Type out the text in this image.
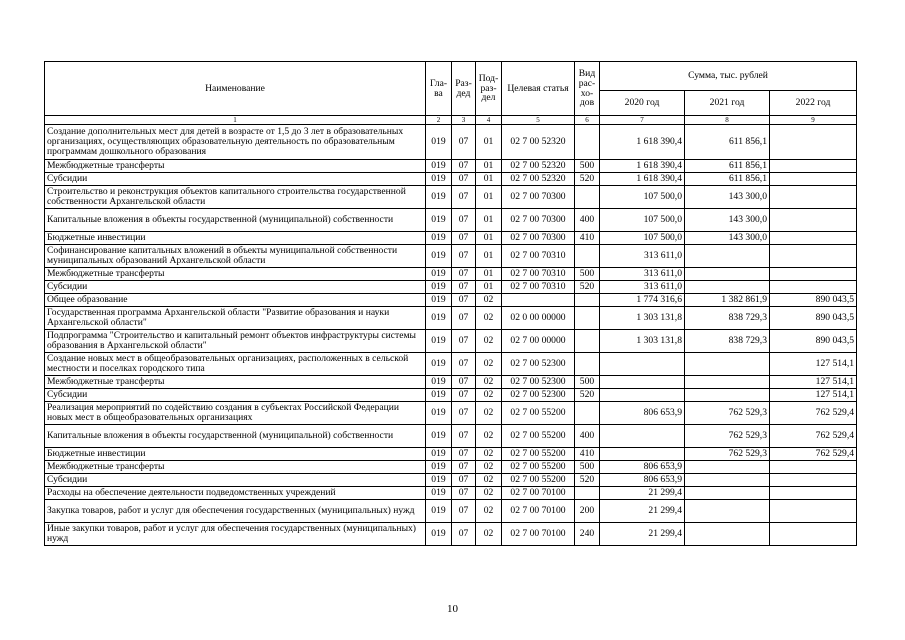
Наименование	Гла-ва	Раз-дед	Под-раз-дел	Целевая статья	Вид рас-хо-дов	Сумма, тыс. рублей		
						2020 год	2021 год	2022 год
1	2	3	4	5	6	7	8	9
Создание дополнительных мест для детей в возрасте от 1,5 до 3 лет в образовательных организациях, осуществляющих образовательную деятельность по образовательным программам дошкольного образования	019	07	01	02 7 00 52320		1 618 390,4	611 856,1	
Межбюджетные трансферты	019	07	01	02 7 00 52320	500	1 618 390,4	611 856,1	
Субсидии	019	07	01	02 7 00 52320	520	1 618 390,4	611 856,1	
Строительство и реконструкция объектов капитального строительства государственной собственности Архангельской области	019	07	01	02 7 00 70300		107 500,0	143 300,0	
Капитальные вложения в объекты государственной (муниципальной) собственности	019	07	01	02 7 00 70300	400	107 500,0	143 300,0	
Бюджетные инвестиции	019	07	01	02 7 00 70300	410	107 500,0	143 300,0	
Софинансирование капитальных вложений в объекты муниципальной собственности муниципальных образований Архангельской области	019	07	01	02 7 00 70310		313 611,0		
Межбюджетные трансферты	019	07	01	02 7 00 70310	500	313 611,0		
Субсидии	019	07	01	02 7 00 70310	520	313 611,0		
Общее образование	019	07	02			1 774 316,6	1 382 861,9	890 043,5
Государственная программа Архангельской области "Развитие образования и науки Архангельской области"	019	07	02	02 0 00 00000		1 303 131,8	838 729,3	890 043,5
Подпрограмма "Строительство и капитальный ремонт объектов инфраструктуры системы образования в Архангельской области"	019	07	02	02 7 00 00000		1 303 131,8	838 729,3	890 043,5
Создание новых мест в общеобразовательных организациях, расположенных в сельской местности и поселках городского типа	019	07	02	02 7 00 52300				127 514,1
Межбюджетные трансферты	019	07	02	02 7 00 52300	500			127 514,1
Субсидии	019	07	02	02 7 00 52300	520			127 514,1
Реализация мероприятий по содействию создания в субъектах Российской Федерации новых мест в общеобразовательных организациях	019	07	02	02 7 00 55200		806 653,9	762 529,3	762 529,4
Капитальные вложения в объекты государственной (муниципальной) собственности	019	07	02	02 7 00 55200	400		762 529,3	762 529,4
Бюджетные инвестиции	019	07	02	02 7 00 55200	410		762 529,3	762 529,4
Межбюджетные трансферты	019	07	02	02 7 00 55200	500	806 653,9		
Субсидии	019	07	02	02 7 00 55200	520	806 653,9		
Расходы на обеспечение деятельности подведомственных учреждений	019	07	02	02 7 00 70100		21 299,4		
Закупка товаров, работ и услуг для обеспечения государственных (муниципальных) нужд	019	07	02	02 7 00 70100	200	21 299,4		
Иные закупки товаров, работ и услуг для обеспечения государственных (муниципальных) нужд	019	07	02	02 7 00 70100	240	21 299,4		
10
